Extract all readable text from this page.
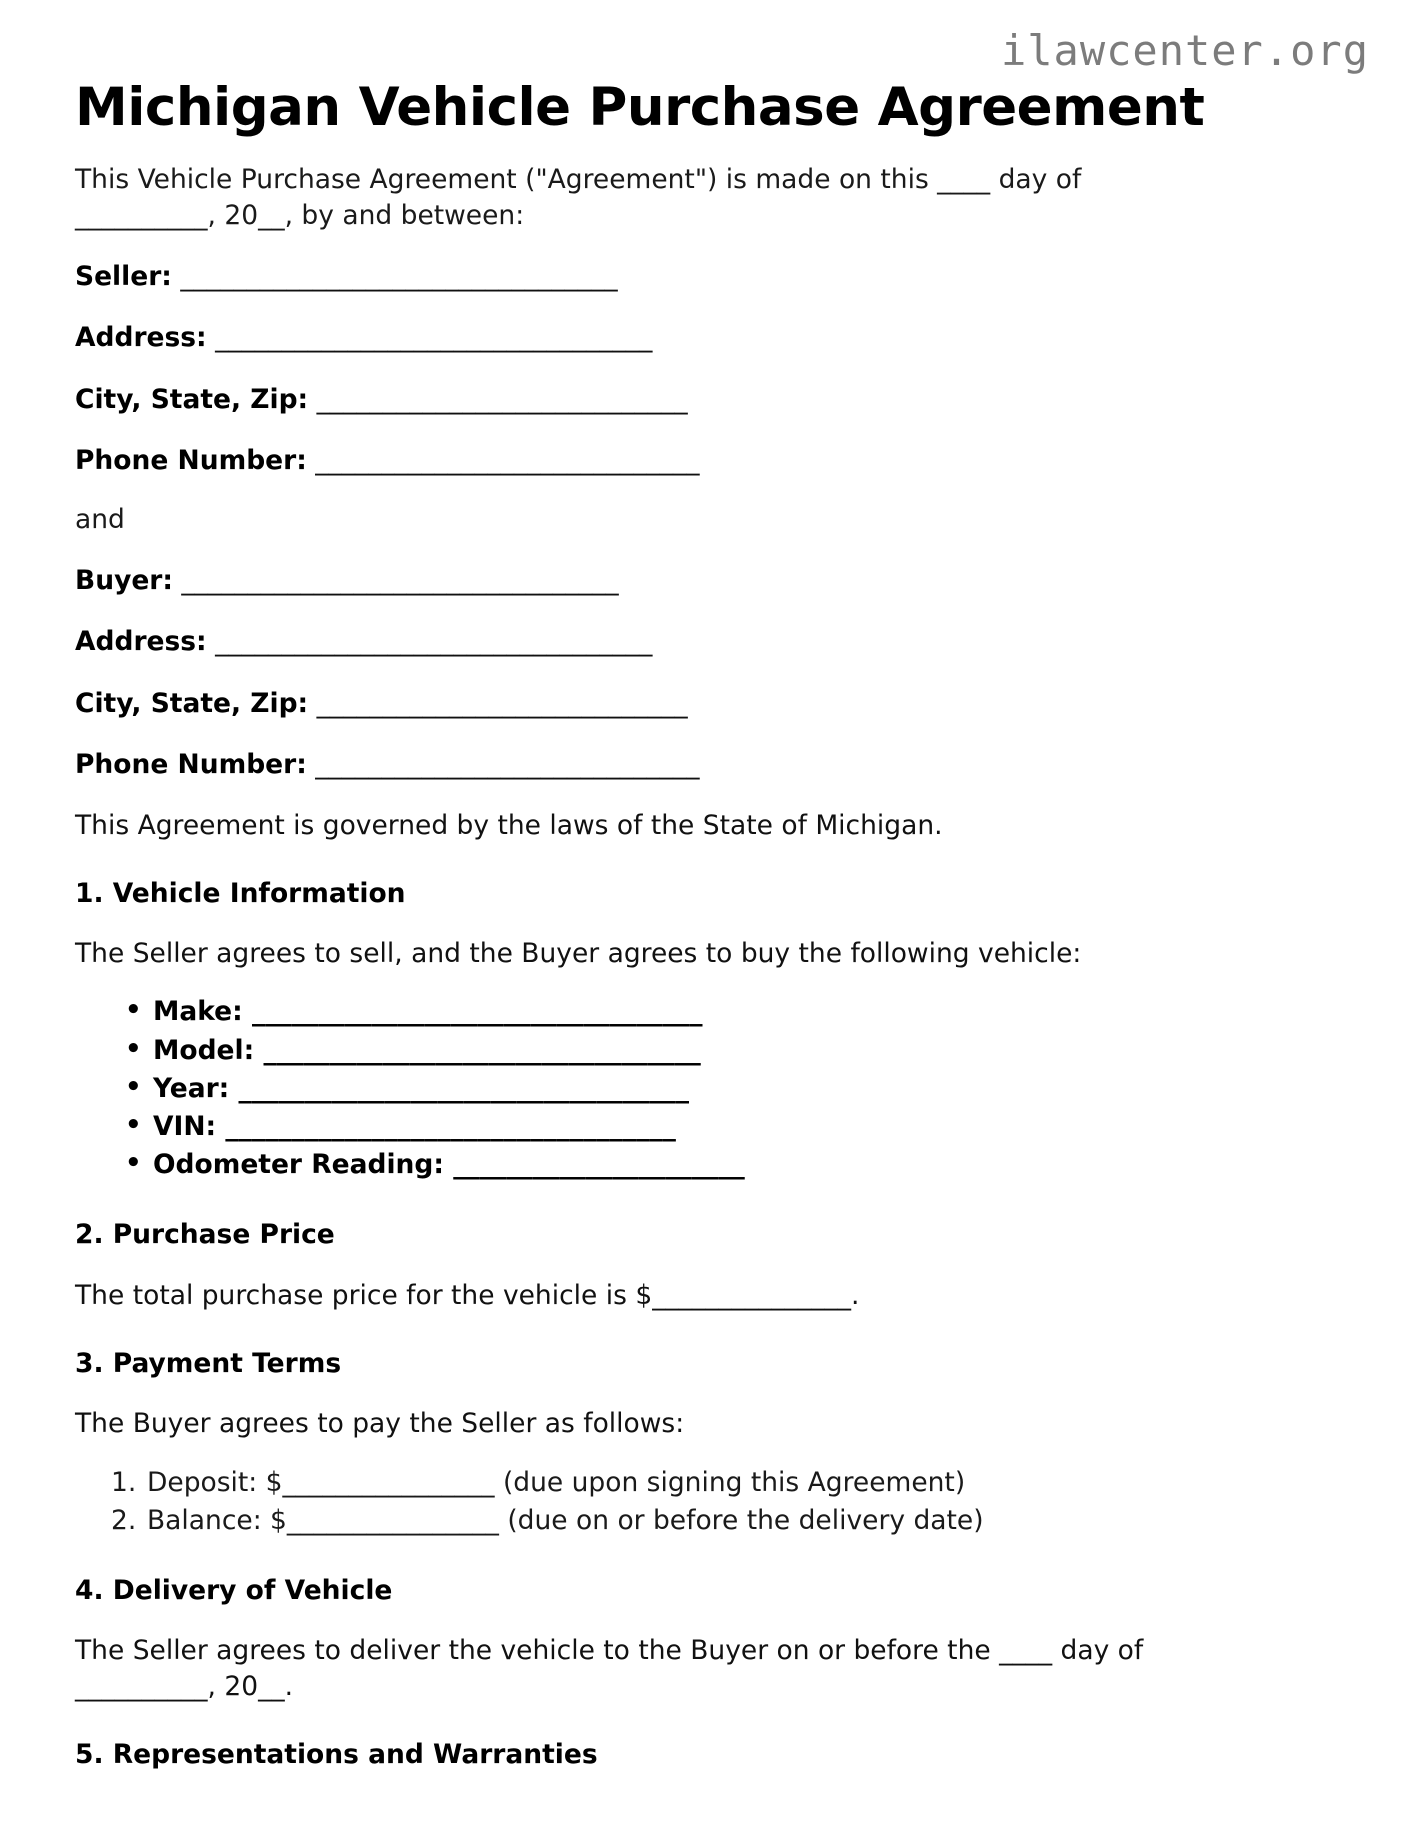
ilawcenter.org
Michigan Vehicle Purchase Agreement

This Vehicle Purchase Agreement ("Agreement") is made on this ____ day of __________, 20__, by and between:

Seller: _________________________________
Address: _________________________________
City, State, Zip: ____________________________
Phone Number: _____________________________

and

Buyer: _________________________________
Address: _________________________________
City, State, Zip: ____________________________
Phone Number: _____________________________

This Agreement is governed by the laws of the State of Michigan.

1. Vehicle Information

The Seller agrees to sell, and the Buyer agrees to buy the following vehicle:

• Make: __________________________________
• Model: _________________________________
• Year: __________________________________
• VIN: __________________________________
• Odometer Reading: ______________________
2. Purchase Price

The total purchase price for the vehicle is $_______________.

3. Payment Terms

The Buyer agrees to pay the Seller as follows:

Deposit: $________________ (due upon signing this Agreement)
Balance: $________________ (due on or before the delivery date)
4. Delivery of Vehicle

The Seller agrees to deliver the vehicle to the Buyer on or before the ____ day of __________, 20__.

5. Representations and Warranties
